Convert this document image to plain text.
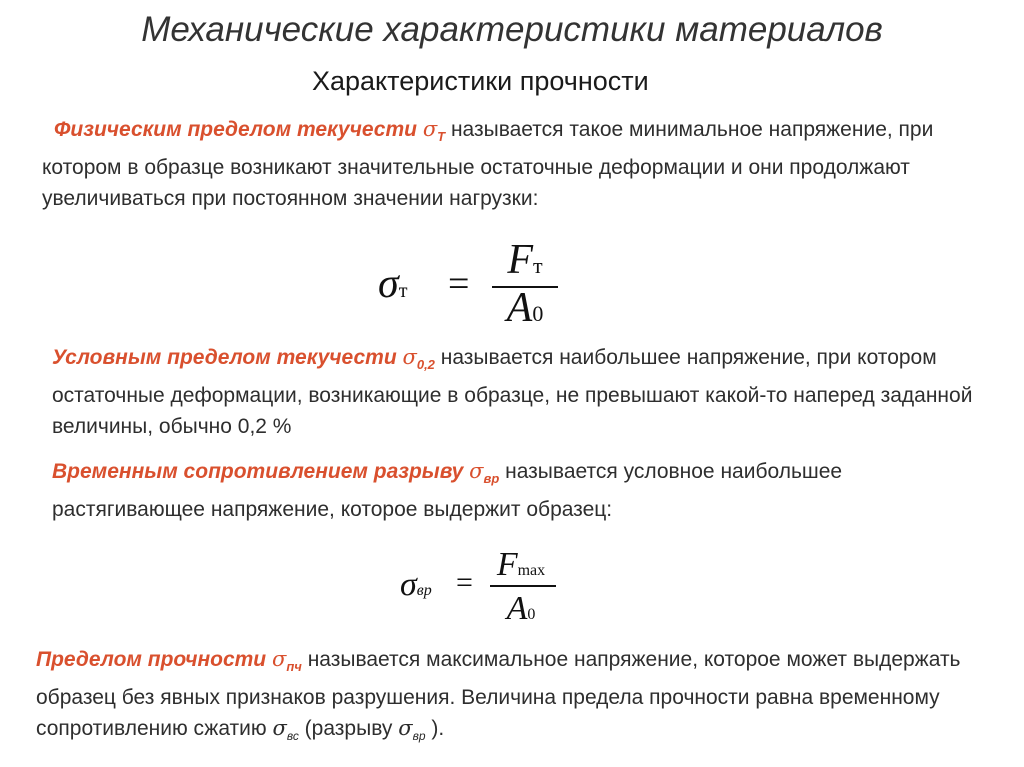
Механические характеристики материалов
Характеристики прочности
Физическим пределом текучести $\sigma_Т$ называется такое минимальное напряжение, при котором в образце возникают значительные остаточные деформации и они продолжают увеличиваться при постоянном значении нагрузки:
σт =
Fт
A0
Условным пределом текучести $\sigma_{0,2}$ называется наибольшее напряжение, при котором остаточные деформации, возникающие в образце, не превышают какой-то наперед заданной величины, обычно 0,2 %
Временным сопротивлением разрыву $\sigma_{вр}$ называется условное наибольшее растягивающее напряжение, которое выдержит образец:
σвр = Fmax
A0
Пределом прочности $\sigma_{пч}$ называется максимальное напряжение, которое может выдержать образец без явных признаков разрушения. Величина предела прочности равна временному сопротивлению сжатию $\sigma_{вс}$ (разрыву $\sigma_{вр}$ ).
